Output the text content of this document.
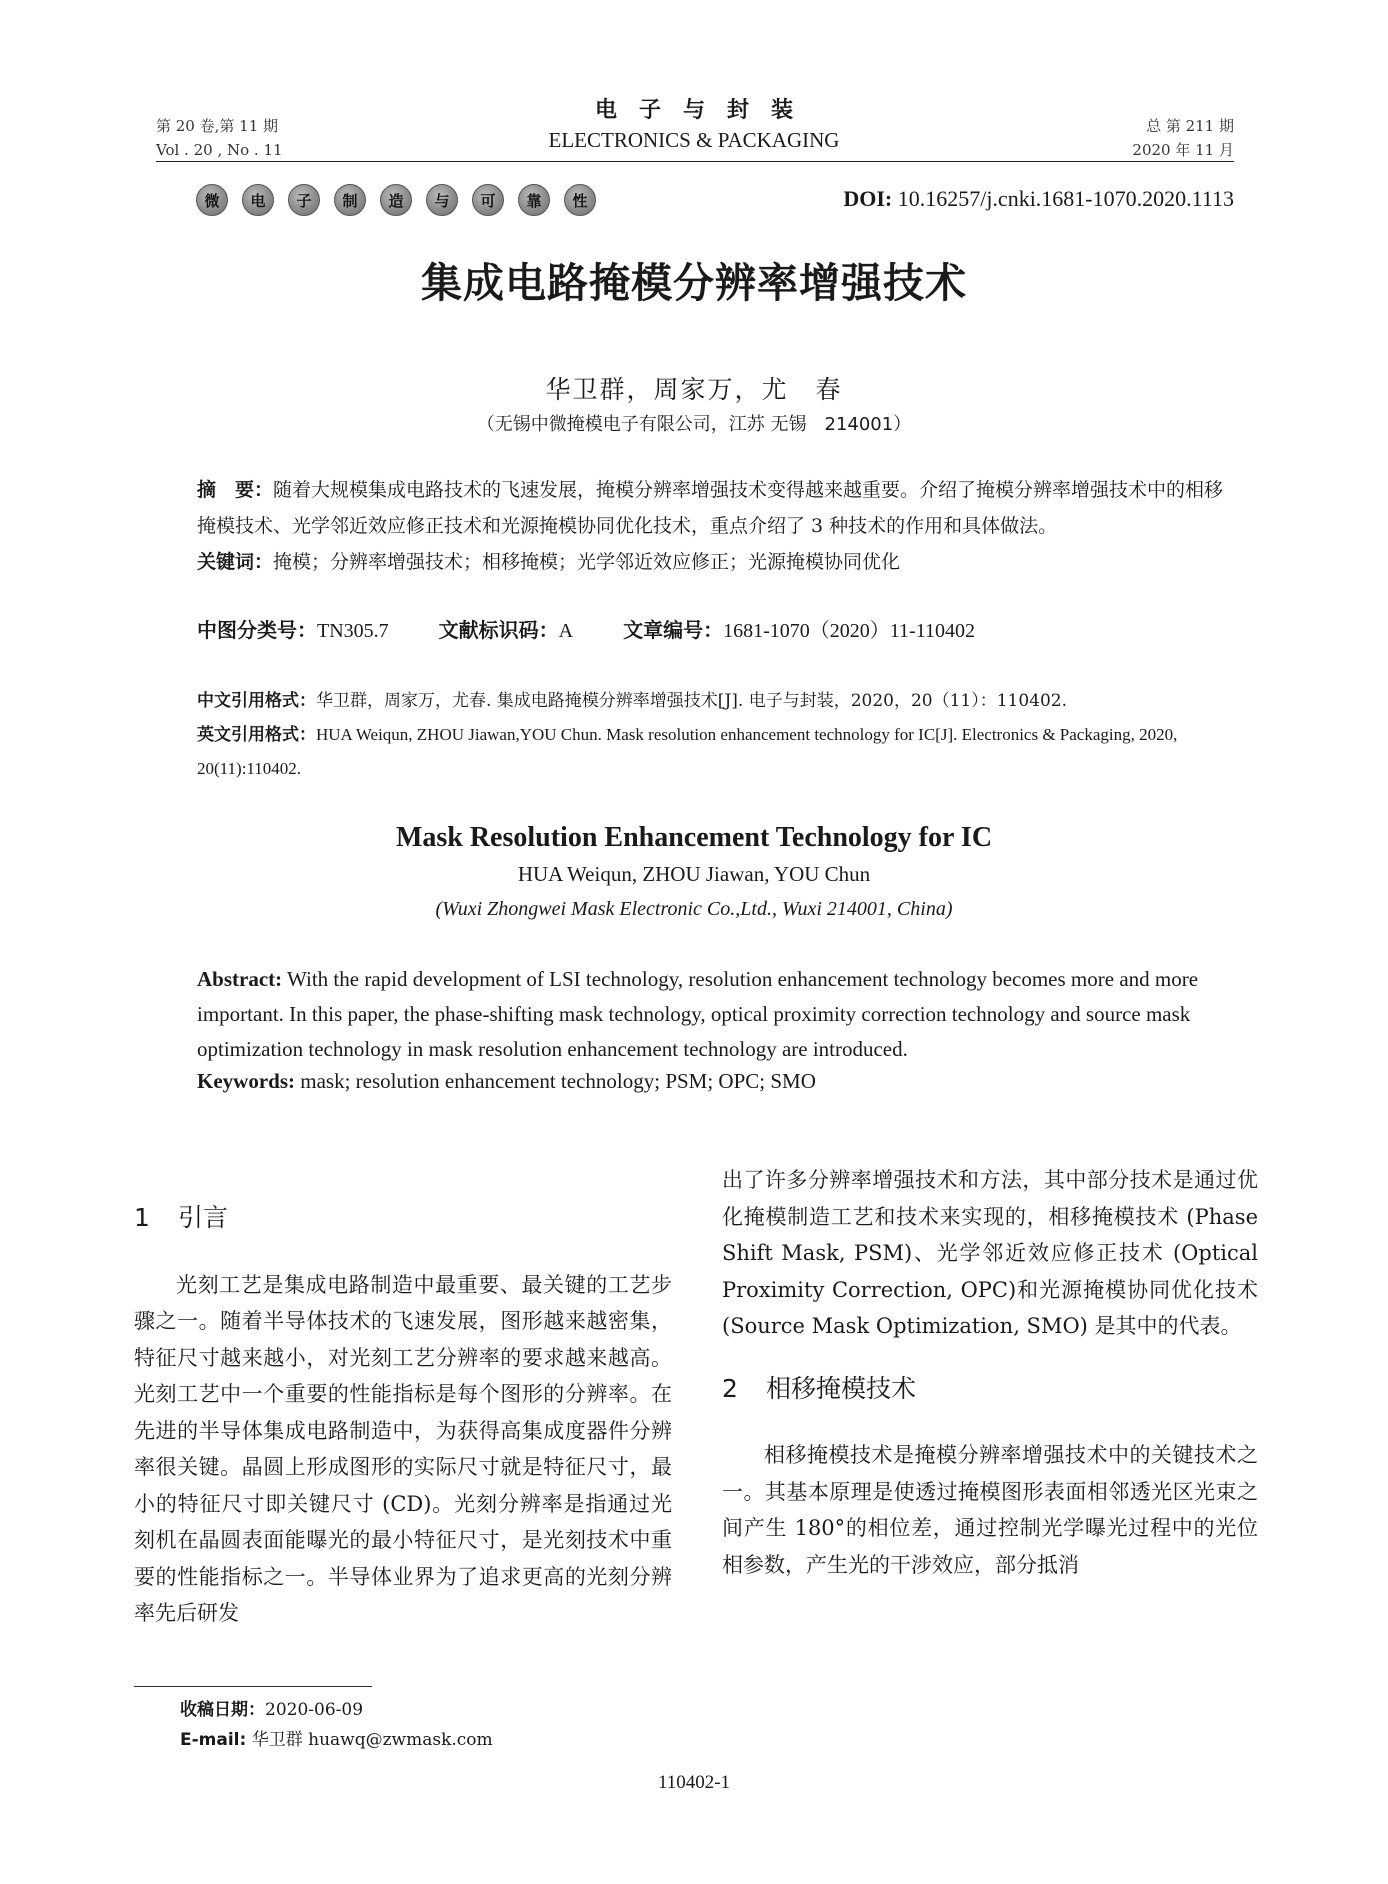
第 20 卷,第 11 期
Vol . 20 , No . 11
电子与封装
ELECTRONICS & PACKAGING
总 第 211 期
2020 年 11 月
微	电	子	制	造	与	可	靠	性	DOI: 10.16257/j.cnki.1681-1070.2020.1113
集成电路掩模分辨率增强技术
华卫群，周家万，尤　春
（无锡中微掩模电子有限公司，江苏 无锡　214001）
摘　要：随着大规模集成电路技术的飞速发展，掩模分辨率增强技术变得越来越重要。介绍了掩模分辨率增强技术中的相移掩模技术、光学邻近效应修正技术和光源掩模协同优化技术，重点介绍了 3 种技术的作用和具体做法。
关键词：掩模；分辨率增强技术；相移掩模；光学邻近效应修正；光源掩模协同优化
中图分类号：TN305.7	文献标识码：A	文章编号：1681-1070（2020）11-110402
中文引用格式：华卫群，周家万，尤春. 集成电路掩模分辨率增强技术[J]. 电子与封装，2020，20（11）：110402.
英文引用格式：HUA Weiqun, ZHOU Jiawan,YOU Chun. Mask resolution enhancement technology for IC[J]. Electronics & Packaging, 2020, 20(11):110402.
Mask Resolution Enhancement Technology for IC
HUA Weiqun, ZHOU Jiawan, YOU Chun
(Wuxi Zhongwei Mask Electronic Co.,Ltd., Wuxi 214001, China)
Abstract: With the rapid development of LSI technology, resolution enhancement technology becomes more and more important. In this paper, the phase-shifting mask technology, optical proximity correction technology and source mask optimization technology in mask resolution enhancement technology are introduced.
Keywords: mask; resolution enhancement technology; PSM; OPC; SMO
1 引言
光刻工艺是集成电路制造中最重要、最关键的工艺步骤之一。随着半导体技术的飞速发展，图形越来越密集，特征尺寸越来越小，对光刻工艺分辨率的要求越来越高。光刻工艺中一个重要的性能指标是每个图形的分辨率。在先进的半导体集成电路制造中，为获得高集成度器件分辨率很关键。晶圆上形成图形的实际尺寸就是特征尺寸，最小的特征尺寸即关键尺寸 (CD)。光刻分辨率是指通过光刻机在晶圆表面能曝光的最小特征尺寸，是光刻技术中重要的性能指标之一。半导体业界为了追求更高的光刻分辨率先后研发
出了许多分辨率增强技术和方法，其中部分技术是通过优化掩模制造工艺和技术来实现的，相移掩模技术 (Phase Shift Mask, PSM)、光学邻近效应修正技术 (Optical Proximity Correction, OPC)和光源掩模协同优化技术 (Source Mask Optimization, SMO) 是其中的代表。
2 相移掩模技术
相移掩模技术是掩模分辨率增强技术中的关键技术之一。其基本原理是使透过掩模图形表面相邻透光区光束之间产生 180°的相位差，通过控制光学曝光过程中的光位相参数，产生光的干涉效应，部分抵消
收稿日期：2020-06-09
E-mail: 华卫群 huawq@zwmask.com
110402-1
